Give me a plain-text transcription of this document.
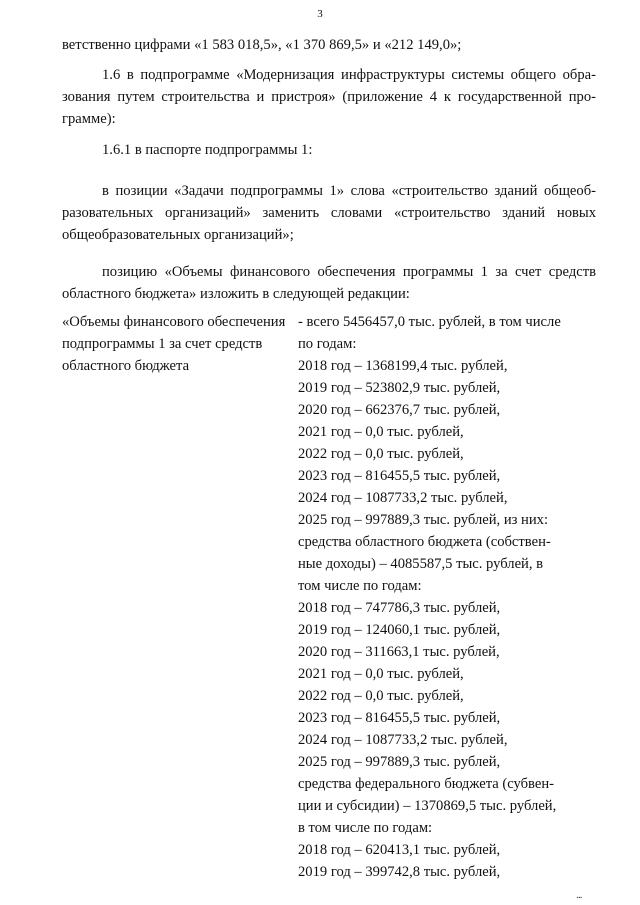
3

ветственно цифрами «1 583 018,5», «1 370 869,5» и «212 149,0»;

1.6 в подпрограмме «Модернизация инфраструктуры системы общего обра-
зования путем строительства и пристроя» (приложение 4 к государственной про-
грамме):

1.6.1 в паспорте подпрограммы 1:

в позиции «Задачи подпрограммы 1» слова «строительство зданий общеоб-
разовательных организаций» заменить словами «строительство зданий новых
общеобразовательных организаций»;
позицию «Объемы финансового обеспечения программы 1 за счет средств
областного бюджета» изложить в следующей редакции:
«Объемы финансового обеспечения
подпрограммы 1 за счет средств
областного бюджета
- всего 5456457,0 тыс. рублей, в том числе
по годам:
2018 год – 1368199,4 тыс. рублей,
2019 год – 523802,9 тыс. рублей,
2020 год – 662376,7 тыс. рублей,
2021 год – 0,0 тыс. рублей,
2022 год – 0,0 тыс. рублей,
2023 год – 816455,5 тыс. рублей,
2024 год – 1087733,2 тыс. рублей,
2025 год – 997889,3 тыс. рублей, из них:
средства областного бюджета (собствен-
ные доходы) – 4085587,5 тыс. рублей, в
том числе по годам:
2018 год – 747786,3 тыс. рублей,
2019 год – 124060,1 тыс. рублей,
2020 год – 311663,1 тыс. рублей,
2021 год – 0,0 тыс. рублей,
2022 год – 0,0 тыс. рублей,
2023 год – 816455,5 тыс. рублей,
2024 год – 1087733,2 тыс. рублей,
2025 год – 997889,3 тыс. рублей,
средства федерального бюджета (субвен-
ции и субсидии) – 1370869,5 тыс. рублей,
в том числе по годам:
2018 год – 620413,1 тыс. рублей,
2019 год – 399742,8 тыс. рублей,
▪▪▪
